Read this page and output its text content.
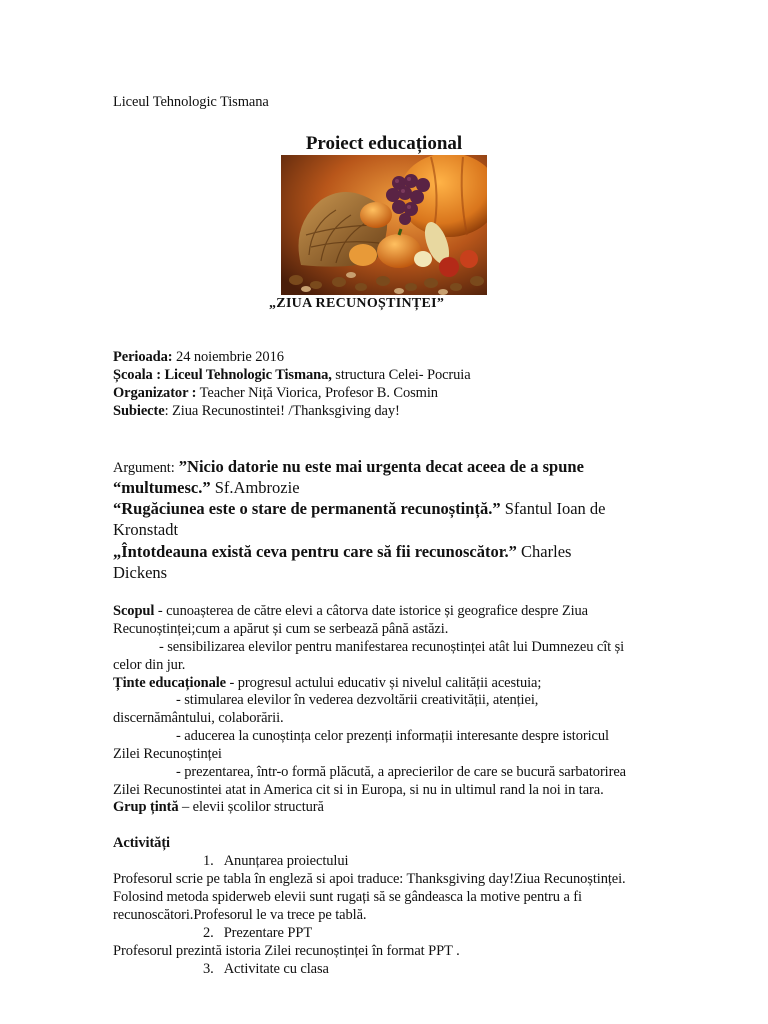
Liceul Tehnologic Tismana
Proiect educațional
„ZIUA RECUNOȘTINȚEI”
Perioada: 24 noiembrie 2016
Școala : Liceul Tehnologic Tismana, structura Celei- Pocruia
Organizator : Teacher Niță Viorica, Profesor B. Cosmin
Subiecte: Ziua Recunostintei! /Thanksgiving day!
Argument: ”Nicio datorie nu este mai urgenta decat aceea de a spune
“multumesc.” Sf.Ambrozie
“Rugăciunea este o stare de permanentă recunoștință.” Sfantul Ioan de
Kronstadt
„Întotdeauna există ceva pentru care să fii recunoscător.” Charles
Dickens
Scopul - cunoașterea de către elevi a câtorva date istorice și geografice despre Ziua
Recunoștinței;cum a apărut și cum se serbează până astăzi.
- sensibilizarea elevilor pentru manifestarea recunoștinței atât lui Dumnezeu cît și
celor din jur.
Ținte educaționale - progresul actului educativ și nivelul calității acestuia;
- stimularea elevilor în vederea dezvoltării creativității, atenției,
discernământului, colaborării.
- aducerea la cunoștința celor prezenți informații interesante despre istoricul
Zilei Recunoștinței
- prezentarea, într-o formă plăcută, a aprecierilor de care se bucură sarbatorirea
Zilei Recunostintei atat in America cit si in Europa, si nu in ultimul rand la noi in tara.
Grup țintă – elevii școlilor structură
Activități
1. Anunțarea proiectului
Profesorul scrie pe tabla în engleză si apoi traduce: Thanksgiving day!Ziua Recunoștinței.
Folosind metoda spiderweb elevii sunt rugați să se gândeasca la motive pentru a fi
recunoscători.Profesorul le va trece pe tablă.
2. Prezentare PPT
Profesorul prezintă istoria Zilei recunoștinței în format PPT .
3. Activitate cu clasa
